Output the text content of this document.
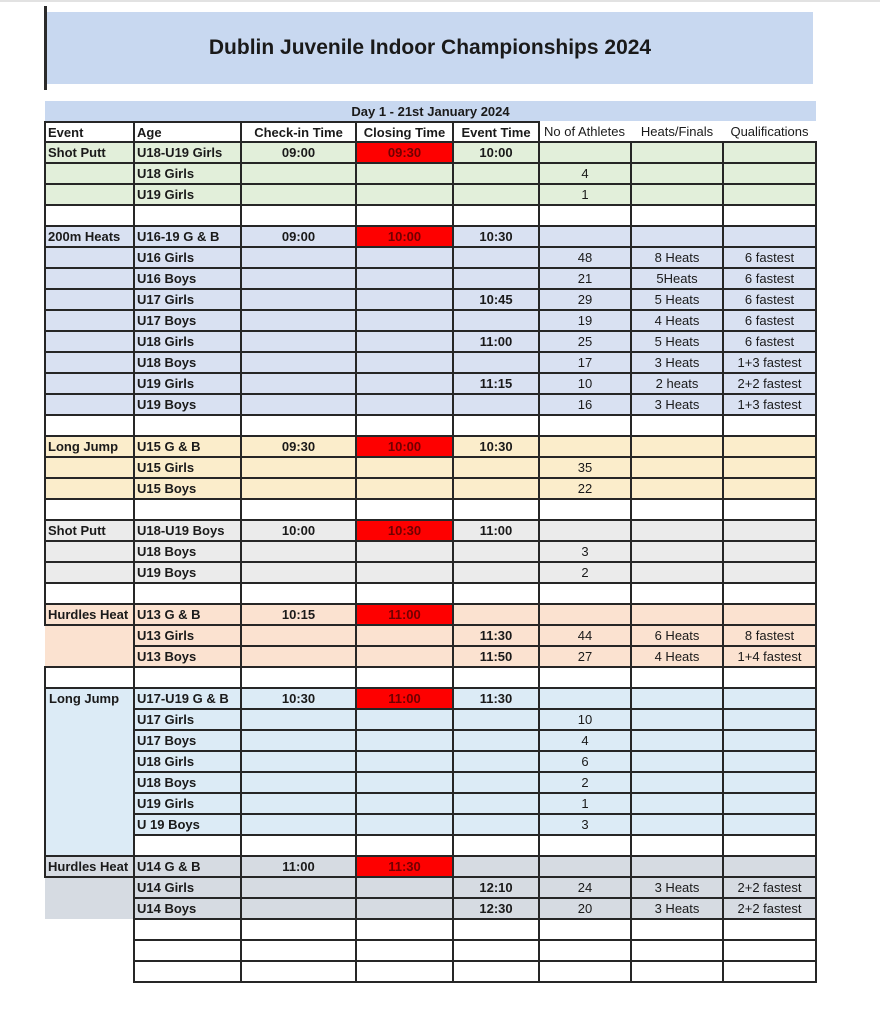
Dublin Juvenile Indoor Championships 2024
Day 1 - 21st January 2024							
Event	Age	Check-in Time	Closing Time	Event Time	No of Athletes	Heats/Finals	Qualifications
Shot Putt	U18-U19 Girls	09:00	09:30	10:00			
	U18 Girls				4		
	U19 Girls				1		

200m Heats	U16-19 G & B	09:00	10:00	10:30			
	U16 Girls				48	8 Heats	6 fastest
	U16 Boys				21	5Heats	6 fastest
	U17 Girls			10:45	29	5 Heats	6 fastest
	U17 Boys				19	4 Heats	6 fastest
	U18 Girls			11:00	25	5 Heats	6 fastest
	U18 Boys				17	3 Heats	1+3 fastest
	U19 Girls			11:15	10	2 heats	2+2 fastest
	U19 Boys				16	3 Heats	1+3 fastest

Long Jump	U15 G & B	09:30	10:00	10:30			
	U15 Girls				35		
	U15 Boys				22		

Shot Putt	U18-U19 Boys	10:00	10:30	11:00			
	U18 Boys				3		
	U19 Boys				2		

Hurdles Heat	U13 G & B	10:15	11:00				
	U13 Girls			11:30	44	6 Heats	8 fastest
	U13 Boys			11:50	27	4 Heats	1+4 fastest

Long Jump	U17-U19 G & B	10:30	11:00	11:30			
	U17 Girls				10		
	U17 Boys				4		
	U18 Girls				6		
	U18 Boys				2		
	U19 Girls				1		
	U 19 Boys				3		

Hurdles Heat	U14 G & B	11:00	11:30				
	U14 Girls			12:10	24	3 Heats	2+2 fastest
	U14 Boys			12:30	20	3 Heats	2+2 fastest
